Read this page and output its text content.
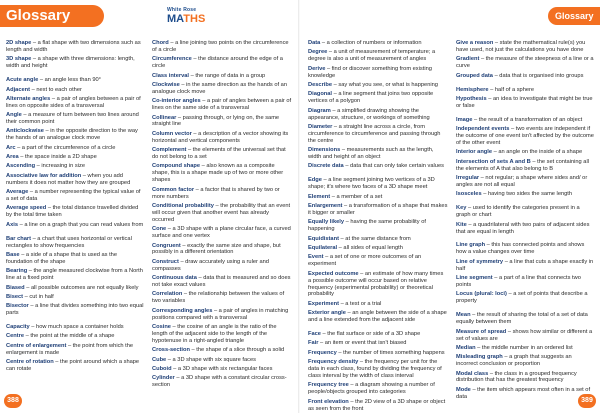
Glossary	White Rose
MATHS
2D shape – a flat shape with two dimensions such as length and width
3D shape – a shape with three dimensions: length, width and height
Acute angle – an angle less than 90°
Adjacent – next to each other
Alternate angles – a pair of angles between a pair of lines on opposite sides of a transversal
Angle – a measure of turn between two lines around their common point
Anticlockwise – in the opposite direction to the way the hands of an analogue clock move
Arc – a part of the circumference of a circle
Area – the space inside a 2D shape
Ascending – increasing in size
Associative law for addition – when you add numbers it does not matter how they are grouped
Average – a number representing the typical value of a set of data
Average speed – the total distance travelled divided by the total time taken
Axis – a line on a graph that you can read values from
Bar chart – a chart that uses horizontal or vertical rectangles to show frequencies
Base – a side of a shape that is used as the foundation of the shape
Bearing – the angle measured clockwise from a North line at a fixed point
Biased – all possible outcomes are not equally likely
Bisect – cut in half
Bisector – a line that divides something into two equal parts
Capacity – how much space a container holds
Centre – the point at the middle of a shape
Centre of enlargement – the point from which the enlargement is made
Centre of rotation – the point around which a shape can rotate
Chord – a line joining two points on the circumference of a circle
Circumference – the distance around the edge of a circle
Class interval – the range of data in a group
Clockwise – in the same direction as the hands of an analogue clock move
Co-interior angles – a pair of angles between a pair of lines on the same side of a transversal
Collinear – passing through, or lying on, the same straight line
Column vector – a description of a vector showing its horizontal and vertical components
Complement – the elements of the universal set that do not belong to a set
Compound shape – also known as a composite shape, this is a shape made up of two or more other shapes
Common factor – a factor that is shared by two or more numbers
Conditional probability – the probability that an event will occur given that another event has already occurred
Cone – a 3D shape with a plane circular face, a curved surface and one vertex
Congruent – exactly the same size and shape, but possibly in a different orientation
Construct – draw accurately using a ruler and compasses
Continuous data – data that is measured and so does not take exact values
Correlation – the relationship between the values of two variables
Corresponding angles – a pair of angles in matching positions compared with a transversal
Cosine – the cosine of an angle is the ratio of the length of the adjacent side to the length of the hypotenuse in a right-angled triangle
Cross-section – the shape of a slice through a solid
Cube – a 3D shape with six square faces
Cuboid – a 3D shape with six rectangular faces
Cylinder – a 3D shape with a constant circular cross-section
388
Glossary
Data – a collection of numbers or information
Degree – a unit of measurement of temperature; a degree is also a unit of measurement of angles
Derive – find or discover something from existing knowledge
Describe – say what you see, or what is happening
Diagonal – a line segment that joins two opposite vertices of a polygon
Diagram – a simplified drawing showing the appearance, structure, or workings of something
Diameter – a straight line across a circle, from circumference to circumference and passing through the centre
Dimensions – measurements such as the length, width and height of an object
Discrete data – data that can only take certain values
Edge – a line segment joining two vertices of a 3D shape; it's where two faces of a 3D shape meet
Element – a member of a set
Enlargement – a transformation of a shape that makes it bigger or smaller
Equally likely – having the same probability of happening
Equidistant – at the same distance from
Equilateral – all sides of equal length
Event – a set of one or more outcomes of an experiment
Expected outcome – an estimate of how many times a possible outcome will occur based on relative frequency (experimental probability) or theoretical probability
Experiment – a test or a trial
Exterior angle – an angle between the side of a shape and a line extended from the adjacent side
Face – the flat surface or side of a 3D shape
Fair – an item or event that isn't biased
Frequency – the number of times something happens
Frequency density – the frequency per unit for the data in each class, found by dividing the frequency of class interval by the width of class interval
Frequency tree – a diagram showing a number of people/objects grouped into categories
Front elevation – the 2D view of a 3D shape or object as seen from the front
Give a reason – state the mathematical rule(s) you have used, not just the calculations you have done
Gradient – the measure of the steepness of a line or a curve
Grouped data – data that is organised into groups
Hemisphere – half of a sphere
Hypothesis – an idea to investigate that might be true or false
Image – the result of a transformation of an object
Independent events – two events are independent if the outcome of one event isn't affected by the outcome of the other event
Interior angle – an angle on the inside of a shape
Intersection of sets A and B – the set containing all the elements of A that also belong to B
Irregular – not regular; a shape where sides and/ or angles are not all equal
Isosceles – having two sides the same length
Key – used to identify the categories present in a graph or chart
Kite – a quadrilateral with two pairs of adjacent sides that are equal in length
Line graph – this has connected points and shows how a value changes over time
Line of symmetry – a line that cuts a shape exactly in half
Line segment – a part of a line that connects two points
Locus (plural: loci) – a set of points that describe a property
Mean – the result of sharing the total of a set of data equally between them
Measure of spread – shows how similar or different a set of values are
Median – the middle number in an ordered list
Misleading graph – a graph that suggests an incorrect conclusion or proportion
Modal class – the class in a grouped frequency distribution that has the greatest frequency
Mode – the item which appears most often in a set of data
389
